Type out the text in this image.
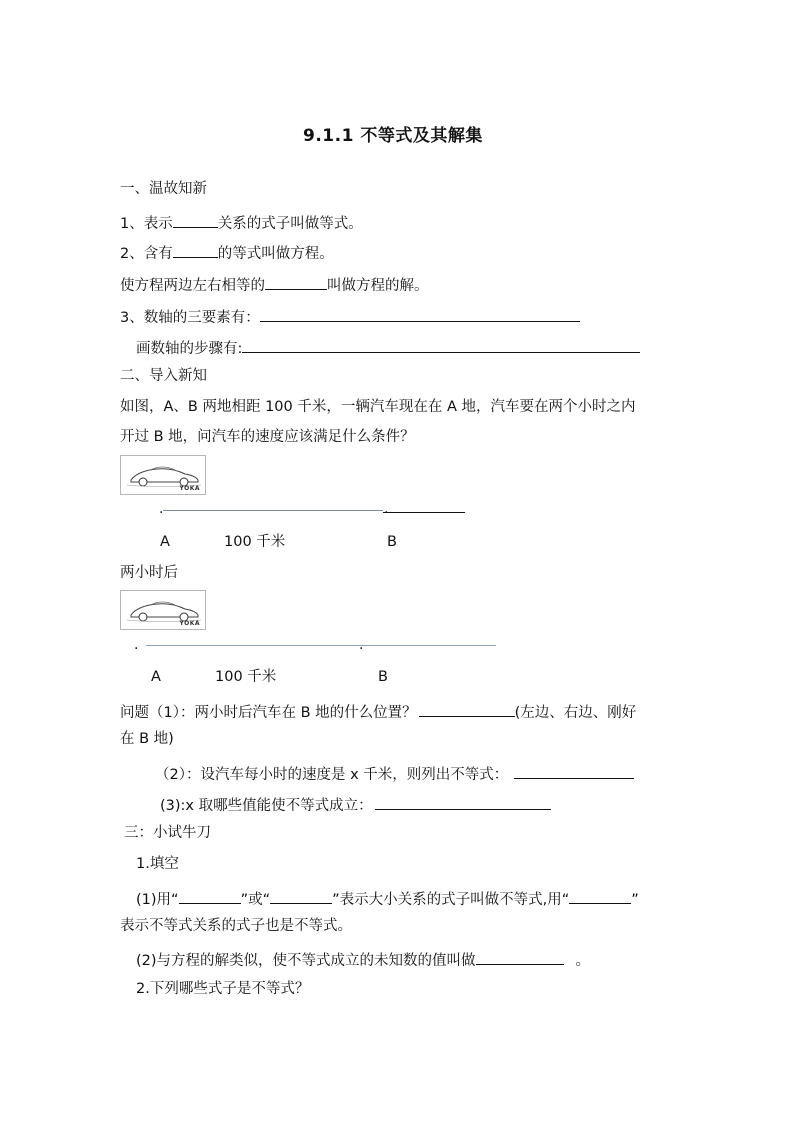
9.1.1 不等式及其解集
一、温故知新
1、表示	关系的式子叫做等式。
2、含有	的等式叫做方程。
使方程两边左右相等的	叫做方程的解。
3、数轴的三要素有：
画数轴的步骤有:
二、导入新知
如图，A、B 两地相距 100 千米，一辆汽车现在在 A 地，汽车要在两个小时之内
开过 B 地，问汽车的速度应该满足什么条件？
YOKA
.	.
A	100 千米	B
两小时后
YOKA
.	.
A	100 千米	B
问题（1）：两小时后汽车在 B 地的什么位置？	(左边、右边、刚好
在 B 地)
（2）：设汽车每小时的速度是 x 千米，则列出不等式：
(3):x 取哪些值能使不等式成立：
三：小试牛刀
1.填空
(1)用“	”或“	”表示大小关系的式子叫做不等式,用“	”
表示不等式关系的式子也是不等式。
(2)与方程的解类似，使不等式成立的未知数的值叫做	。
2.下列哪些式子是不等式？
